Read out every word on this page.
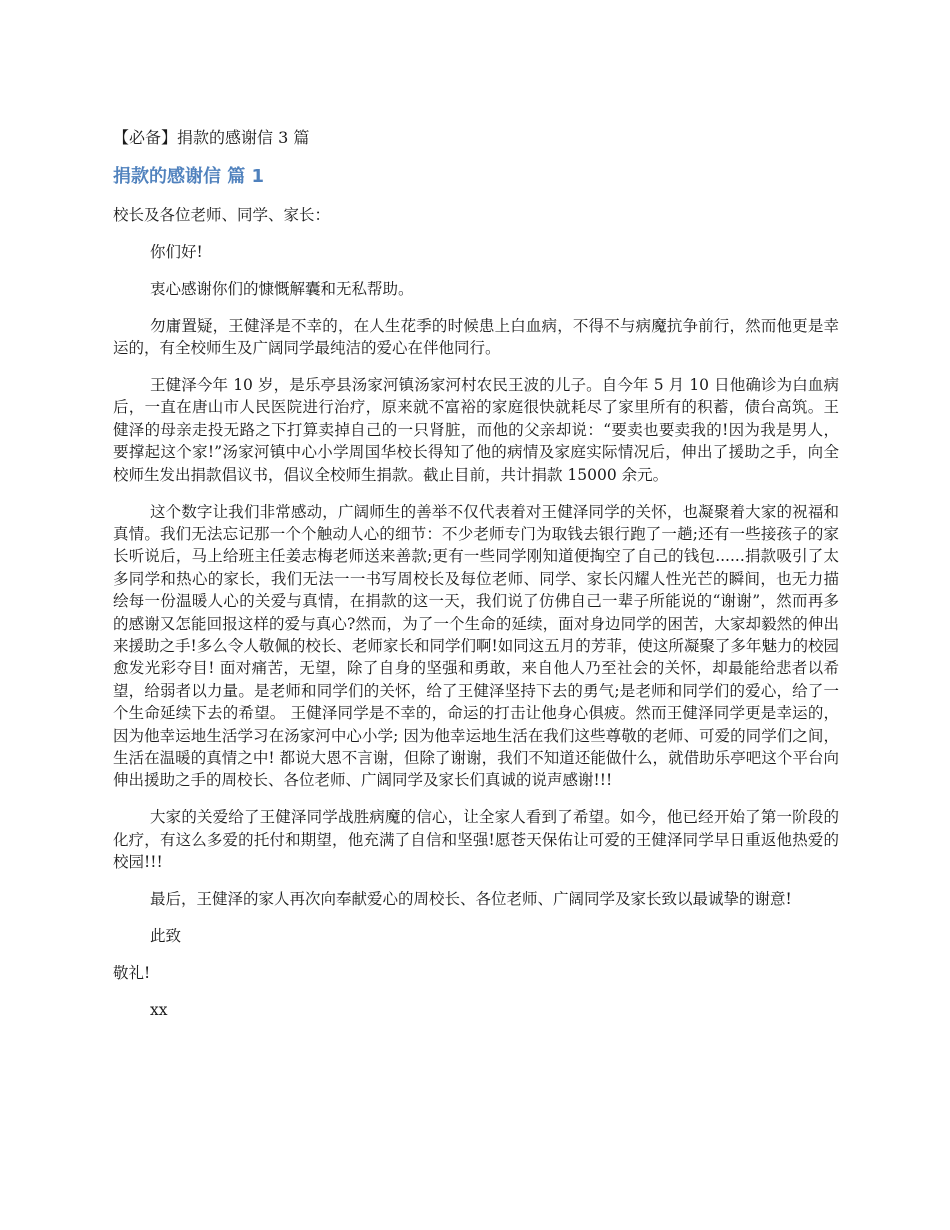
【必备】捐款的感谢信 3 篇

捐款的感谢信 篇 1

校长及各位老师、同学、家长：

你们好!

衷心感谢你们的慷慨解囊和无私帮助。

勿庸置疑，王健泽是不幸的，在人生花季的时候患上白血病，不得不与病魔抗争前行，然而他更是幸运的，有全校师生及广阔同学最纯洁的爱心在伴他同行。

王健泽今年 10 岁，是乐亭县汤家河镇汤家河村农民王波的儿子。自今年 5 月 10 日他确诊为白血病后，一直在唐山市人民医院进行治疗，原来就不富裕的家庭很快就耗尽了家里所有的积蓄，债台高筑。王健泽的母亲走投无路之下打算卖掉自己的一只肾脏，而他的父亲却说：“要卖也要卖我的!因为我是男人，要撑起这个家!”汤家河镇中心小学周国华校长得知了他的病情及家庭实际情况后，伸出了援助之手，向全校师生发出捐款倡议书，倡议全校师生捐款。截止目前，共计捐款 15000 余元。

这个数字让我们非常感动，广阔师生的善举不仅代表着对王健泽同学的关怀，也凝聚着大家的祝福和真情。我们无法忘记那一个个触动人心的细节：不少老师专门为取钱去银行跑了一趟;还有一些接孩子的家长听说后，马上给班主任姜志梅老师送来善款;更有一些同学刚知道便掏空了自己的钱包......捐款吸引了太多同学和热心的家长，我们无法一一书写周校长及每位老师、同学、家长闪耀人性光芒的瞬间，也无力描绘每一份温暖人心的关爱与真情，在捐款的这一天，我们说了仿佛自己一辈子所能说的“谢谢”，然而再多的感谢又怎能回报这样的爱与真心?然而，为了一个生命的延续，面对身边同学的困苦，大家却毅然的伸出来援助之手!多么令人敬佩的校长、老师家长和同学们啊!如同这五月的芳菲，使这所凝聚了多年魅力的校园愈发光彩夺目! 面对痛苦，无望，除了自身的坚强和勇敢，来自他人乃至社会的关怀，却最能给悲者以希望，给弱者以力量。是老师和同学们的关怀，给了王健泽坚持下去的勇气;是老师和同学们的爱心，给了一个生命延续下去的希望。 王健泽同学是不幸的，命运的打击让他身心俱疲。然而王健泽同学更是幸运的， 因为他幸运地生活学习在汤家河中心小学; 因为他幸运地生活在我们这些尊敬的老师、可爱的同学们之间，生活在温暖的真情之中! 都说大恩不言谢，但除了谢谢，我们不知道还能做什么，就借助乐亭吧这个平台向伸出援助之手的周校长、各位老师、广阔同学及家长们真诚的说声感谢!!!

大家的关爱给了王健泽同学战胜病魔的信心，让全家人看到了希望。如今，他已经开始了第一阶段的化疗，有这么多爱的托付和期望，他充满了自信和坚强!愿苍天保佑让可爱的王健泽同学早日重返他热爱的校园!!!

最后，王健泽的家人再次向奉献爱心的周校长、各位老师、广阔同学及家长致以最诚挚的谢意!

此致

敬礼!

xx
